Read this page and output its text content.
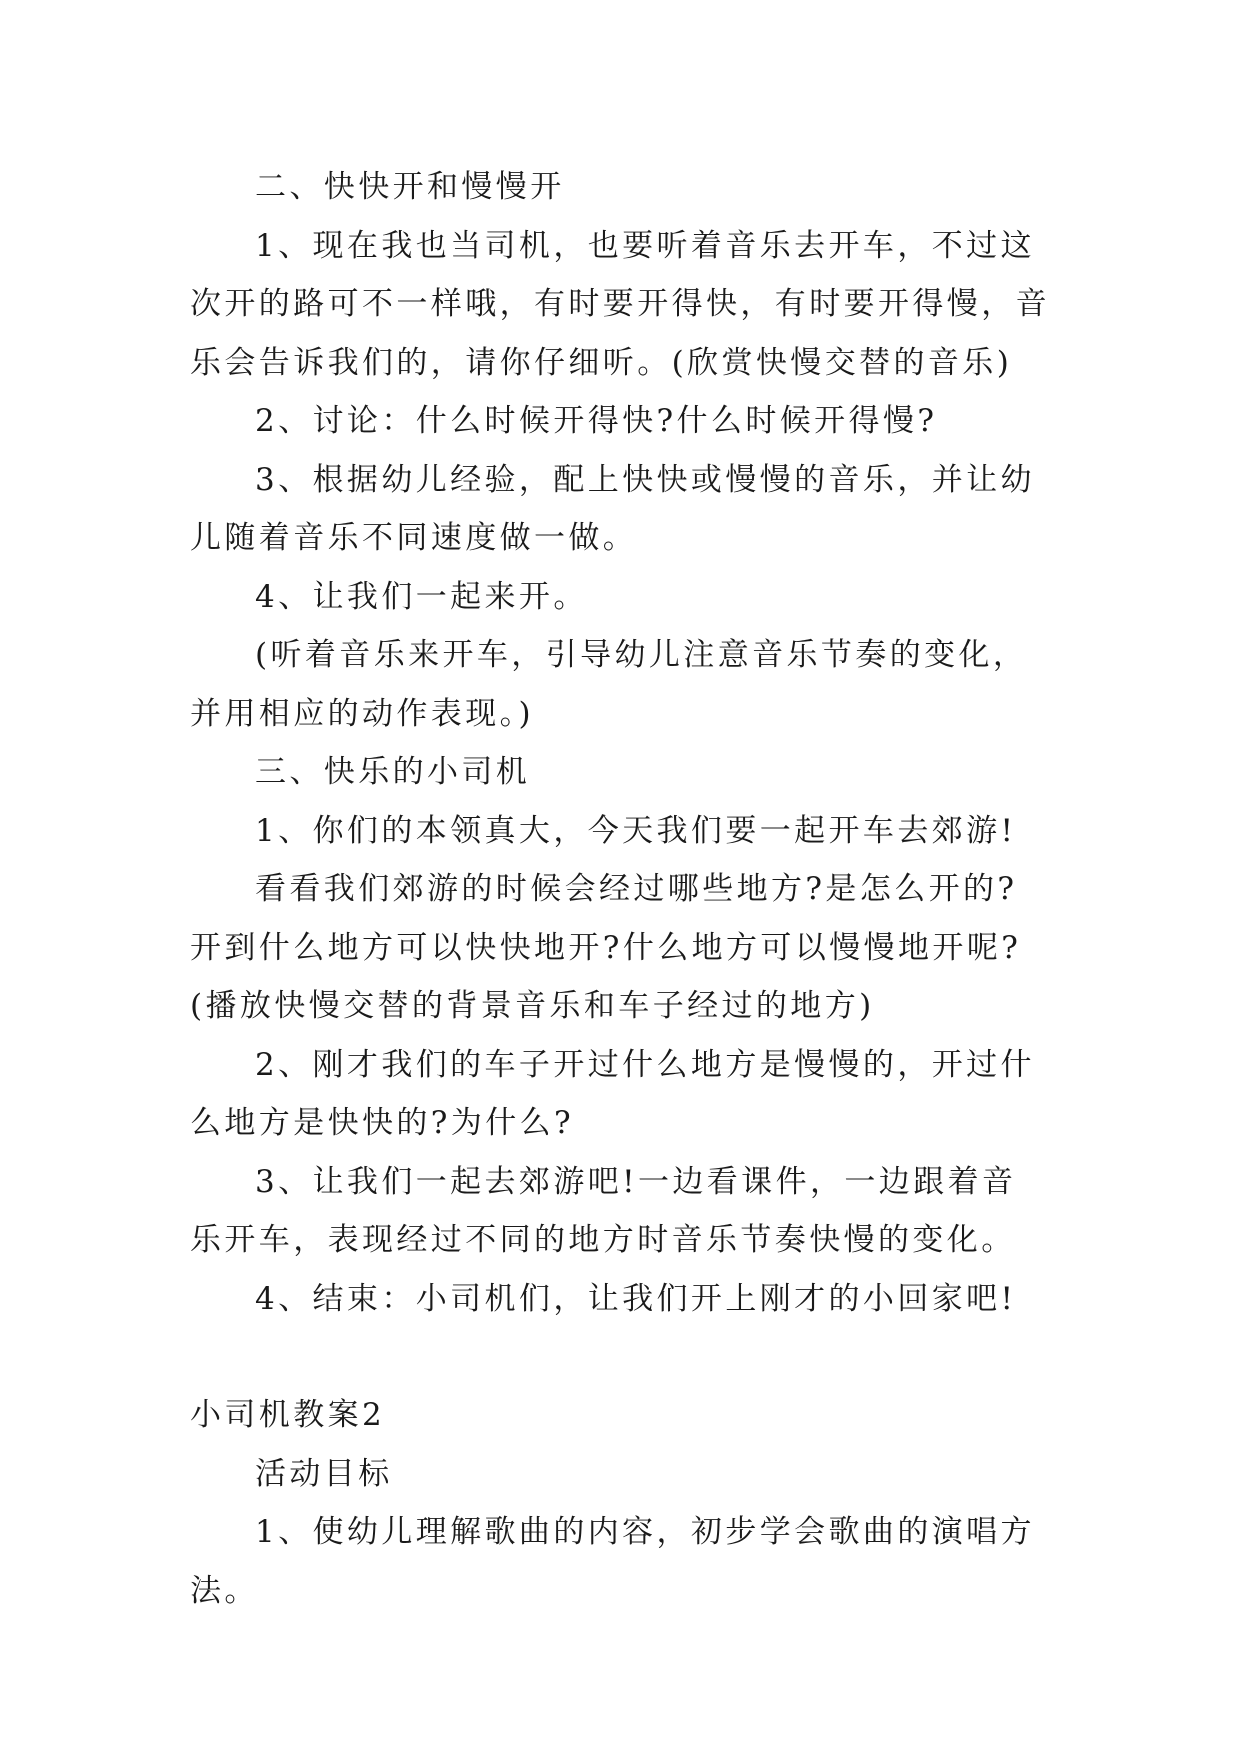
二、快快开和慢慢开

1、现在我也当司机，也要听着音乐去开车，不过这次开的路可不一样哦，有时要开得快，有时要开得慢，音乐会告诉我们的，请你仔细听。(欣赏快慢交替的音乐)

2、讨论：什么时候开得快?什么时候开得慢?

3、根据幼儿经验，配上快快或慢慢的音乐，并让幼儿随着音乐不同速度做一做。

4、让我们一起来开。

(听着音乐来开车，引导幼儿注意音乐节奏的变化，并用相应的动作表现。)

三、快乐的小司机

1、你们的本领真大，今天我们要一起开车去郊游!

看看我们郊游的时候会经过哪些地方?是怎么开的?开到什么地方可以快快地开?什么地方可以慢慢地开呢?(播放快慢交替的背景音乐和车子经过的地方)

2、刚才我们的车子开过什么地方是慢慢的，开过什么地方是快快的?为什么?

3、让我们一起去郊游吧!一边看课件，一边跟着音乐开车，表现经过不同的地方时音乐节奏快慢的变化。

4、结束：小司机们，让我们开上刚才的小回家吧!

小司机教案2

活动目标

1、使幼儿理解歌曲的内容，初步学会歌曲的演唱方法。
